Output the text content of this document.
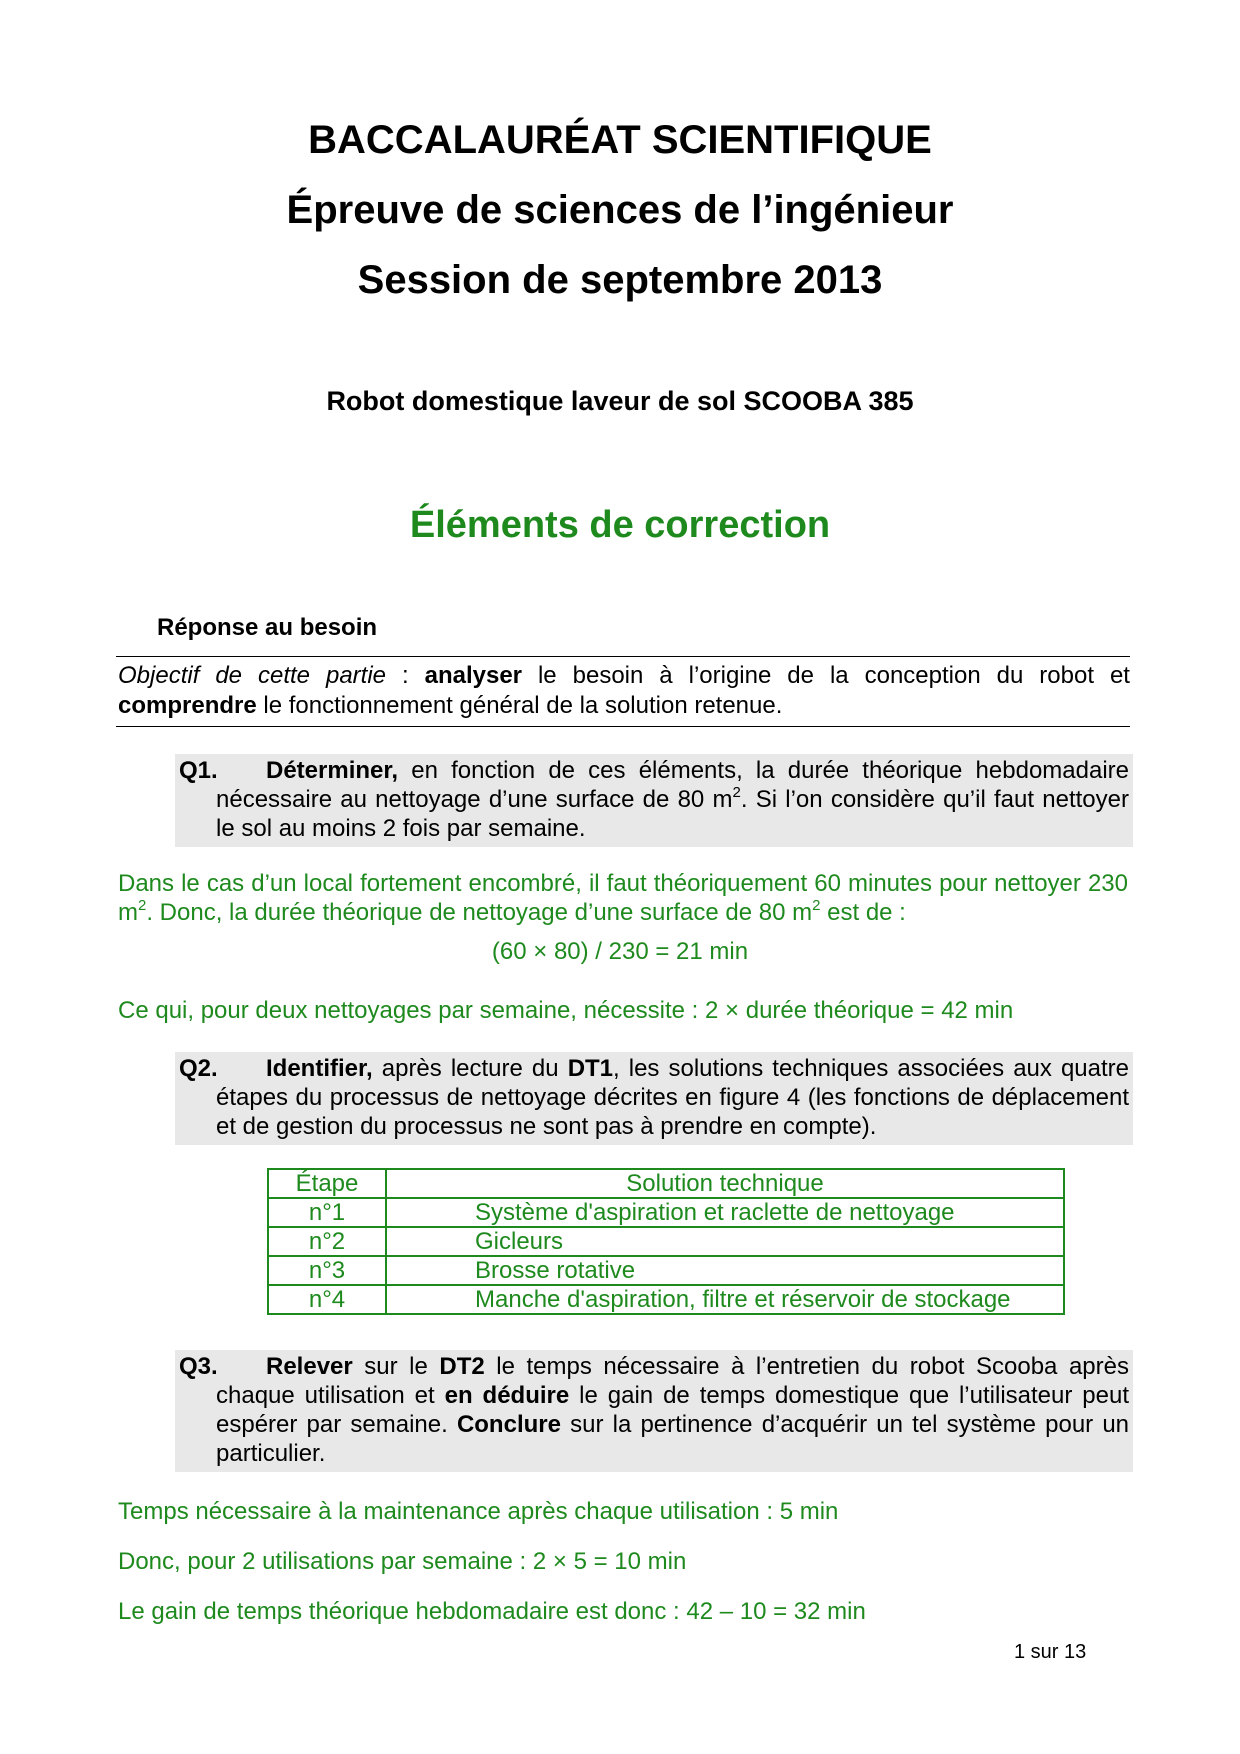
BACCALAURÉAT SCIENTIFIQUE
Épreuve de sciences de l’ingénieur
Session de septembre 2013
Robot domestique laveur de sol SCOOBA 385
Éléments de correction
Réponse au besoin
Objectif de cette partie : analyser le besoin à l’origine de la conception du robot et comprendre le fonctionnement général de la solution retenue.
Q1.	Déterminer, en fonction de ces éléments, la durée théorique hebdomadaire nécessaire au nettoyage d’une surface de 80 $m^2$. Si l’on considère qu’il faut nettoyer le sol au moins 2 fois par semaine.
Dans le cas d’un local fortement encombré, il faut théoriquement 60 minutes pour nettoyer 230 $m^2$. Donc, la durée théorique de nettoyage d’une surface de 80 $m^2$ est de :
(60 × 80) / 230 = 21 min
Ce qui, pour deux nettoyages par semaine, nécessite : 2 × durée théorique = 42 min
Q2.	Identifier, après lecture du DT1, les solutions techniques associées aux quatre étapes du processus de nettoyage décrites en figure 4 (les fonctions de déplacement et de gestion du processus ne sont pas à prendre en compte).
Étape	Solution technique
n°1	Système d'aspiration et raclette de nettoyage
n°2	Gicleurs
n°3	Brosse rotative
n°4	Manche d'aspiration, filtre et réservoir de stockage
Q3.	Relever sur le DT2 le temps nécessaire à l’entretien du robot Scooba après chaque utilisation et en déduire le gain de temps domestique que l’utilisateur peut espérer par semaine. Conclure sur la pertinence d’acquérir un tel système pour un particulier.
Temps nécessaire à la maintenance après chaque utilisation : 5 min
Donc, pour 2 utilisations par semaine : 2 × 5 = 10 min
Le gain de temps théorique hebdomadaire est donc : 42 – 10 = 32 min
1 sur 13
